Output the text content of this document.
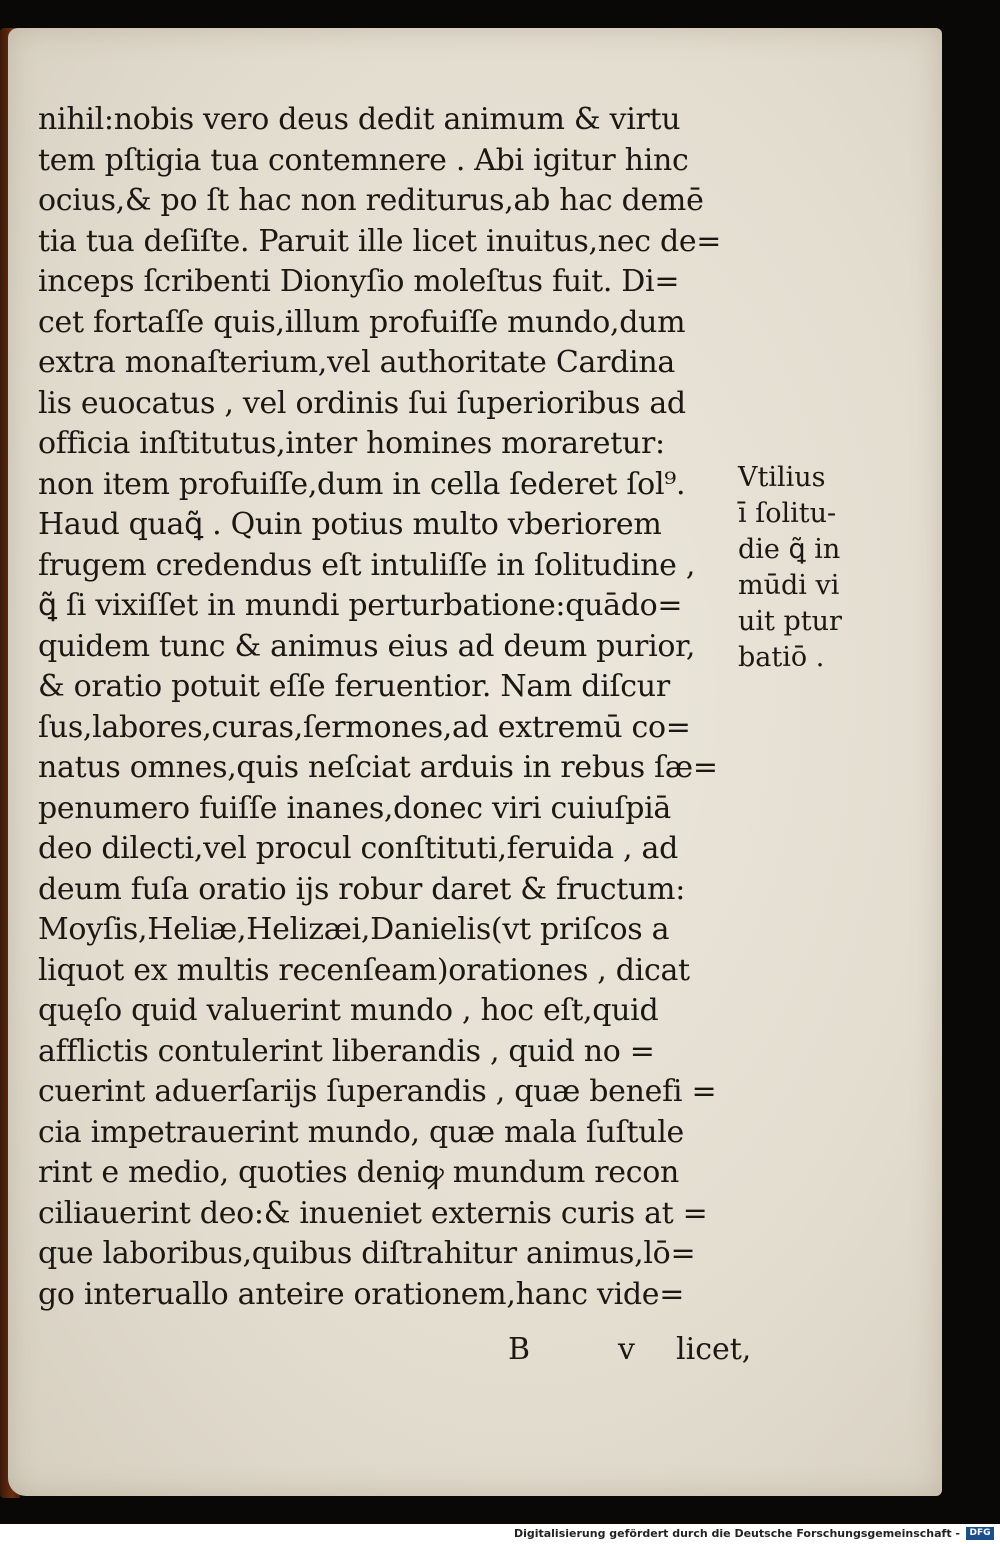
nihil:nobis vero deus dedit animum & virtu
tem pſtigia tua contemnere . Abi igitur hinc
ocius,& po ſt hac non rediturus,ab hac demē
tia tua deſiſte. Paruit ille licet inuitus,nec de=
inceps ſcribenti Dionyſio moleſtus fuit. Di=
cet fortaſſe quis,illum profuiſſe mundo,dum
extra monaſterium,vel authoritate Cardina
lis euocatus , vel ordinis ſui ſuperioribus ad
officia inſtitutus,inter homines moraretur:
non item profuiſſe,dum in cella ſederet ſol⁹.
Haud quaꝗ̃ . Quin potius multo vberiorem
frugem credendus eſt intuliſſe in ſolitudine ,
ꝗ̃ ſi vixiſſet in mundi perturbatione:quādo=
quidem tunc & animus eius ad deum purior,
& oratio potuit eſſe feruentior. Nam diſcur
ſus,labores,curas,ſermones,ad extremū co=
natus omnes,quis neſciat arduis in rebus ſæ=
penumero fuiſſe inanes,donec viri cuiuſpiā
deo dilecti,vel procul conſtituti,feruida , ad
deum fuſa oratio ijs robur daret & fructum:
Moyſis,Heliæ,Helizæi,Danielis(vt priſcos a
liquot ex multis recenſeam)orationes , dicat
quęſo quid valuerint mundo , hoc eſt,quid
afflictis contulerint liberandis , quid no =
cuerint aduerſarijs ſuperandis , quæ benefi =
cia impetrauerint mundo, quæ mala ſuſtule
rint e medio, quoties deniꝙ mundum recon
ciliauerint deo:& inueniet externis curis at =
que laboribus,quibus diſtrahitur animus,lō=
go interuallo anteire orationem,hanc vide=
Vtilius
ī ſolitu-
die ꝗ̃ in
mūdi vi
uit ptur
batiō .
B	v licet,
Digitalisierung gefördert durch die Deutsche Forschungsgemeinschaft -	DFG
